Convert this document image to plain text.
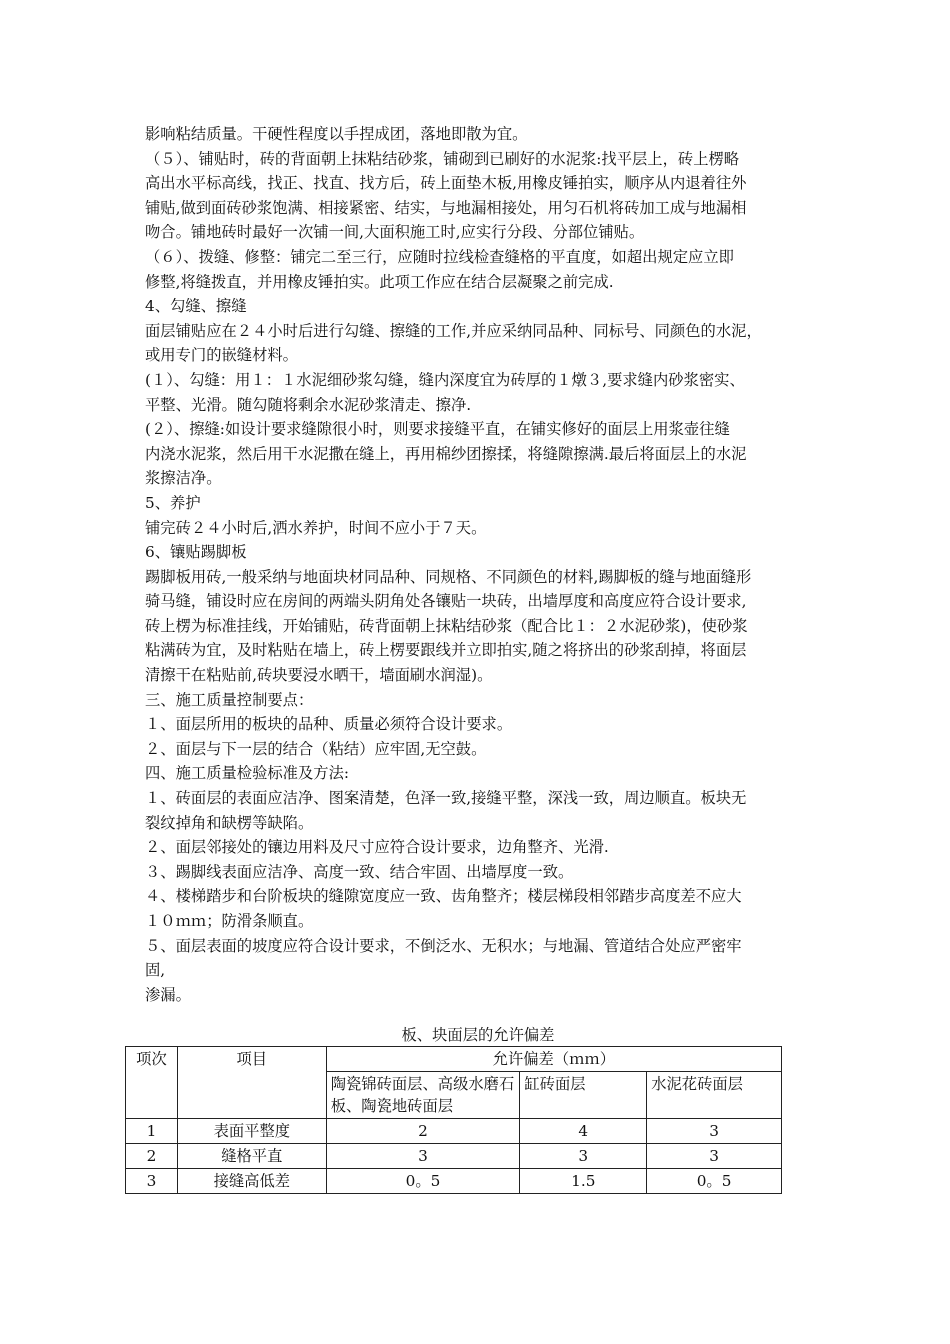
影响粘结质量。干硬性程度以手捏成团，落地即散为宜。

（５）、铺贴时，砖的背面朝上抹粘结砂浆，铺砌到已刷好的水泥浆:找平层上，砖上楞略

高出水平标高线，找正、找直、找方后，砖上面垫木板,用橡皮锤拍实，顺序从内退着往外

铺贴,做到面砖砂浆饱满、相接紧密、结实，与地漏相接处，用匀石机将砖加工成与地漏相

吻合。铺地砖时最好一次铺一间,大面积施工时,应实行分段、分部位铺贴。

（６）、拨缝、修整：铺完二至三行，应随时拉线检查缝格的平直度，如超出规定应立即

修整,将缝拨直，并用橡皮锤拍实。此项工作应在结合层凝聚之前完成.

4、勾缝、擦缝

面层铺贴应在２４小时后进行勾缝、擦缝的工作,并应采纳同品种、同标号、同颜色的水泥，

或用专门的嵌缝材料。

(１）、勾缝：用１：１水泥细砂浆勾缝，缝内深度宜为砖厚的１燉３,要求缝内砂浆密实、

平整、光滑。随勾随将剩余水泥砂浆清走、擦净.

(２）、擦缝:如设计要求缝隙很小时，则要求接缝平直，在铺实修好的面层上用浆壶往缝

内浇水泥浆，然后用干水泥撒在缝上，再用棉纱团擦揉，将缝隙擦满.最后将面层上的水泥

浆擦洁净。

5、养护

铺完砖２４小时后,洒水养护，时间不应小于７天。

6、镶贴踢脚板

踢脚板用砖,一般采纳与地面块材同品种、同规格、不同颜色的材料,踢脚板的缝与地面缝形

骑马缝，铺设时应在房间的两端头阴角处各镶贴一块砖，出墙厚度和高度应符合设计要求,

砖上楞为标准挂线，开始铺贴，砖背面朝上抹粘结砂浆（配合比１：２水泥砂浆)，使砂浆

粘满砖为宜，及时粘贴在墙上，砖上楞要跟线并立即拍实,随之将挤出的砂浆刮掉，将面层

清擦干在粘贴前,砖块要浸水晒干，墙面刷水润湿)。

三、施工质量控制要点：

１、面层所用的板块的品种、质量必须符合设计要求。

２、面层与下一层的结合（粘结）应牢固,无空鼓。

四、施工质量检验标准及方法:

１、砖面层的表面应洁净、图案清楚，色泽一致,接缝平整，深浅一致，周边顺直。板块无

裂纹掉角和缺楞等缺陷。

２、面层邻接处的镶边用料及尺寸应符合设计要求，边角整齐、光滑.

３、踢脚线表面应洁净、高度一致、结合牢固、出墙厚度一致。

４、楼梯踏步和台阶板块的缝隙宽度应一致、齿角整齐；楼层梯段相邻踏步高度差不应大

１０ｍｍ；防滑条顺直。

５、面层表面的坡度应符合设计要求，不倒泛水、无积水；与地漏、管道结合处应严密牢

固,

渗漏。

板、块面层的允许偏差
项次	项目	允许偏差（ｍｍ）		
		陶瓷锦砖面层、高级水磨石板、陶瓷地砖面层	缸砖面层	水泥花砖面层
1	表面平整度	2	4	3
2	缝格平直	3	3	3
3	接缝高低差	0。5	1.5	0。5
